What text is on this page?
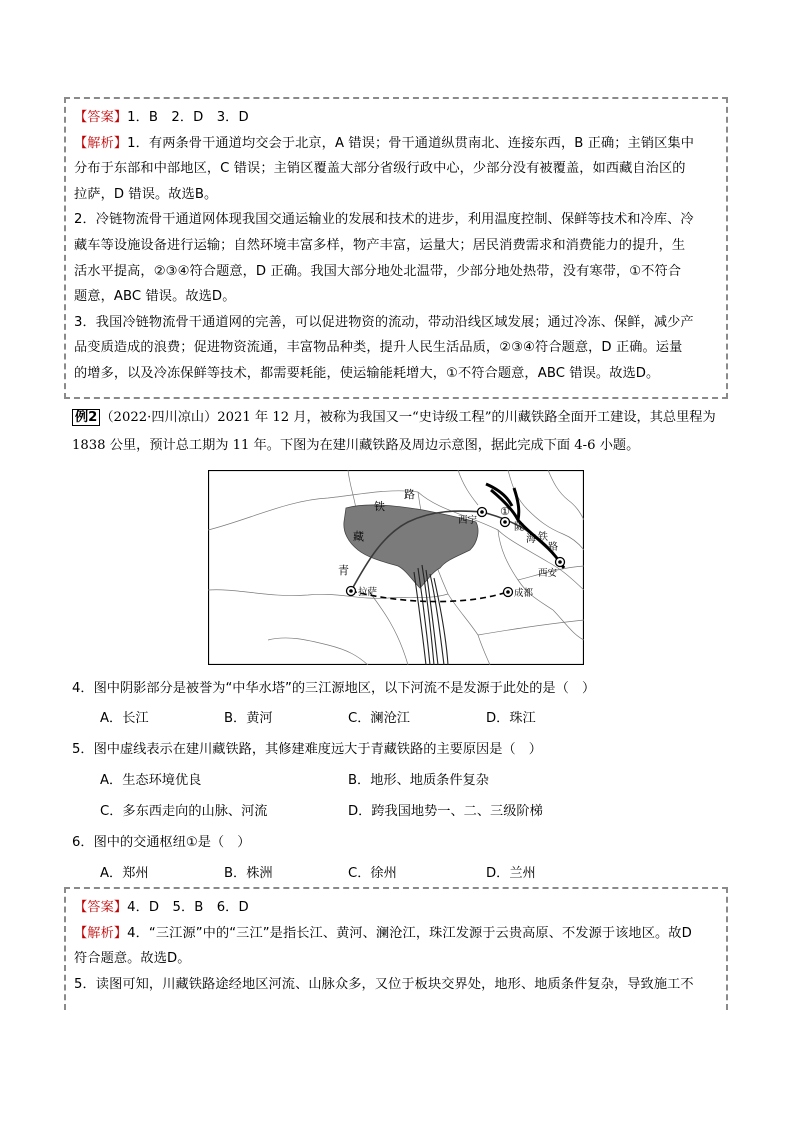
【答案】1．B　2．D　3．D
【解析】1．有两条骨干通道均交会于北京，A 错误；骨干通道纵贯南北、连接东西，B 正确；主销区集中
分布于东部和中部地区，C 错误；主销区覆盖大部分省级行政中心，少部分没有被覆盖，如西藏自治区的
拉萨，D 错误。故选B。
2．冷链物流骨干通道网体现我国交通运输业的发展和技术的进步，利用温度控制、保鲜等技术和冷库、冷
藏车等设施设备进行运输；自然环境丰富多样，物产丰富，运量大；居民消费需求和消费能力的提升，生
活水平提高，②③④符合题意，D 正确。我国大部分地处北温带，少部分地处热带，没有寒带，①不符合
题意，ABC 错误。故选D。
3．我国冷链物流骨干通道网的完善，可以促进物资的流动，带动沿线区域发展；通过冷冻、保鲜，减少产
品变质造成的浪费；促进物资流通，丰富物品种类，提升人民生活品质，②③④符合题意，D 正确。运量
的增多，以及冷冻保鲜等技术，都需要耗能，使运输能耗增大，①不符合题意，ABC 错误。故选D。
例2 （2022·四川凉山）2021 年 12 月，被称为我国又一“史诗级工程”的川藏铁路全面开工建设，其总里程为
1838 公里，预计总工期为 11 年。下图为在建川藏铁路及周边示意图，据此完成下面 4-6 小题。
青
藏
铁
路
西宁
①
陇
海 铁
路
西安
拉萨	成都
4．图中阴影部分是被誉为“中华水塔”的三江源地区，以下河流不是发源于此处的是（　）
A．长江	B．黄河	C．澜沧江	D．珠江
5．图中虚线表示在建川藏铁路，其修建难度远大于青藏铁路的主要原因是（　）
A．生态环境优良	B．地形、地质条件复杂
C．多东西走向的山脉、河流	D．跨我国地势一、二、三级阶梯
6．图中的交通枢纽①是（　）
A．郑州	B．株洲	C．徐州	D．兰州
【答案】4．D　5．B　6．D
【解析】4．“三江源”中的“三江”是指长江、黄河、澜沧江，珠江发源于云贵高原、不发源于该地区。故D
符合题意。故选D。
5．读图可知，川藏铁路途经地区河流、山脉众多，又位于板块交界处，地形、地质条件复杂，导致施工不
